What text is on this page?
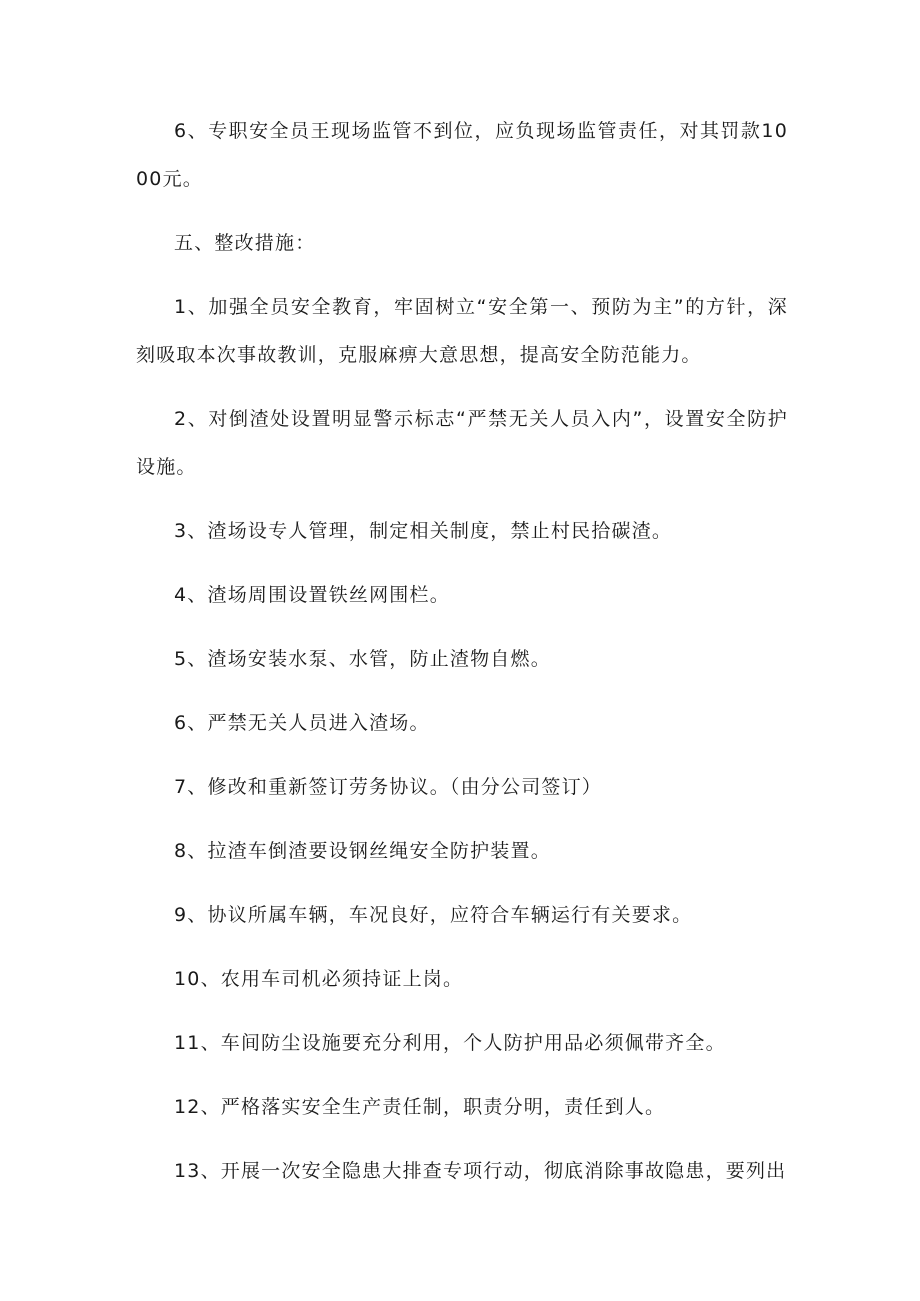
6、专职安全员王现场监管不到位，应负现场监管责任，对其罚款1000元。

五、整改措施：

1、加强全员安全教育，牢固树立“安全第一、预防为主”的方针，深刻吸取本次事故教训，克服麻痹大意思想，提高安全防范能力。

2、对倒渣处设置明显警示标志“严禁无关人员入内”，设置安全防护设施。

3、渣场设专人管理，制定相关制度，禁止村民拾碳渣。

4、渣场周围设置铁丝网围栏。

5、渣场安装水泵、水管，防止渣物自燃。

6、严禁无关人员进入渣场。

7、修改和重新签订劳务协议。（由分公司签订）

8、拉渣车倒渣要设钢丝绳安全防护装置。

9、协议所属车辆，车况良好，应符合车辆运行有关要求。

10、农用车司机必须持证上岗。

11、车间防尘设施要充分利用，个人防护用品必须佩带齐全。

12、严格落实安全生产责任制，职责分明，责任到人。

13、开展一次安全隐患大排查专项行动，彻底消除事故隐患，要列出
